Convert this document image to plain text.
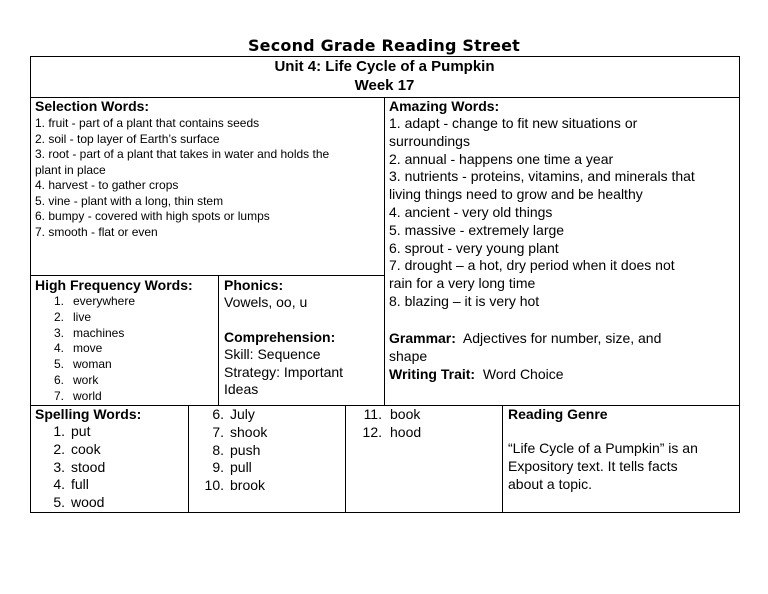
Second Grade Reading Street
Unit 4: Life Cycle of a Pumpkin
Week 17
Selection Words:
1. fruit - part of a plant that contains seeds
2. soil - top layer of Earth’s surface
3. root - part of a plant that takes in water and holds the
plant in place
4. harvest - to gather crops
5. vine - plant with a long, thin stem
6. bumpy - covered with high spots or lumps
7. smooth - flat or even
Amazing Words:
1. adapt - change to fit new situations or
surroundings
2. annual - happens one time a year
3. nutrients - proteins, vitamins, and minerals that
living things need to grow and be healthy
4. ancient - very old things
5. massive - extremely large
6. sprout - very young plant
7. drought – a hot, dry period when it does not
rain for a very long time
8. blazing – it is very hot
Grammar:  Adjectives for number, size, and
shape
Writing Trait:  Word Choice
High Frequency Words:
1. everywhere
2. live
3. machines
4. move
5. woman
6. work
7. world
Phonics:
Vowels, oo, u
Comprehension:
Skill: Sequence
Strategy: Important
Ideas
Spelling Words:
1. put
2. cook
3. stood
4. full
5. wood
6. July
7. shook
8. push
9. pull
10. brook
11. book
12. hood
Reading Genre
“Life Cycle of a Pumpkin” is an
Expository text. It tells facts
about a topic.
